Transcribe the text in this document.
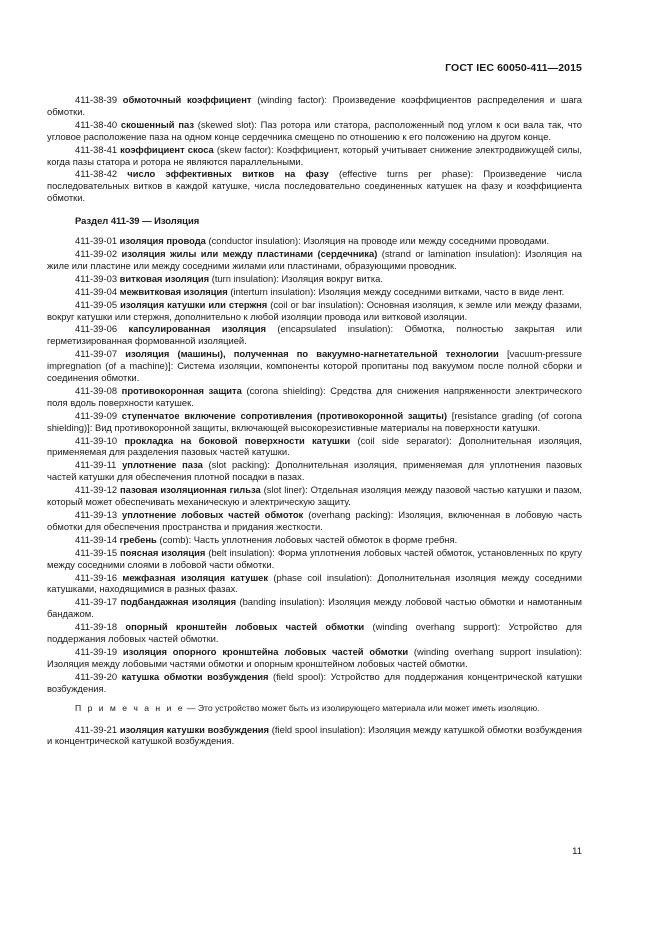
ГОСТ IEC 60050-411—2015
411-38-39 обмоточный коэффициент (winding factor): Произведение коэффициентов распределения и шага обмотки.
411-38-40 скошенный паз (skewed slot): Паз ротора или статора, расположенный под углом к оси вала так, что угловое расположение паза на одном конце сердечника смещено по отношению к его положению на другом конце.
411-38-41 коэффициент скоса (skew factor): Коэффициент, который учитывает снижение электродвижущей силы, когда пазы статора и ротора не являются параллельными.
411-38-42 число эффективных витков на фазу (effective turns per phase): Произведение числа последовательных витков в каждой катушке, числа последовательно соединенных катушек на фазу и коэффициента обмотки.
Раздел 411-39 — Изоляция
411-39-01 изоляция провода (conductor insulation): Изоляция на проводе или между соседними проводами.
411-39-02 изоляция жилы или между пластинами (сердечника) (strand or lamination insulation): Изоляция на жиле или пластине или между соседними жилами или пластинами, образующими проводник.
411-39-03 витковая изоляция (turn insulation): Изоляция вокруг витка.
411-39-04 межвитковая изоляция (interturn insulation): Изоляция между соседними витками, часто в виде лент.
411-39-05 изоляция катушки или стержня (coil or bar insulation): Основная изоляция, к земле или между фазами, вокруг катушки или стержня, дополнительно к любой изоляции провода или витковой изоляции.
411-39-06 капсулированная изоляция (encapsulated insulation): Обмотка, полностью закрытая или герметизированная формованной изоляцией.
411-39-07 изоляция (машины), полученная по вакуумно-нагнетательной технологии [vacuum-pressure impregnation (of a machine)]: Система изоляции, компоненты которой пропитаны под вакуумом после полной сборки и соединения обмотки.
411-39-08 противокоронная защита (corona shielding): Средства для снижения напряженности электрического поля вдоль поверхности катушек.
411-39-09 ступенчатое включение сопротивления (противокоронной защиты) [resistance grading (of corona shielding)]: Вид противокоронной защиты, включающей высокорезистивные материалы на поверхности катушки.
411-39-10 прокладка на боковой поверхности катушки (coil side separator): Дополнительная изоляция, применяемая для разделения пазовых частей катушки.
411-39-11 уплотнение паза (slot packing): Дополнительная изоляция, применяемая для уплотнения пазовых частей катушки для обеспечения плотной посадки в пазах.
411-39-12 пазовая изоляционная гильза (slot liner): Отдельная изоляция между пазовой частью катушки и пазом, который может обеспечивать механическую и электрическую защиту.
411-39-13 уплотнение лобовых частей обмоток (overhang packing): Изоляция, включенная в лобовую часть обмотки для обеспечения пространства и придания жесткости.
411-39-14 гребень (comb): Часть уплотнения лобовых частей обмоток в форме гребня.
411-39-15 поясная изоляция (belt insulation): Форма уплотнения лобовых частей обмоток, установленных по кругу между соседними слоями в лобовой части обмотки.
411-39-16 межфазная изоляция катушек (phase coil insulation): Дополнительная изоляция между соседними катушками, находящимися в разных фазах.
411-39-17 подбандажная изоляция (banding insulation): Изоляция между лобовой частью обмотки и намотанным бандажом.
411-39-18 опорный кронштейн лобовых частей обмотки (winding overhang support): Устройство для поддержания лобовых частей обмотки.
411-39-19 изоляция опорного кронштейна лобовых частей обмотки (winding overhang support insulation): Изоляция между лобовыми частями обмотки и опорным кронштейном лобовых частей обмотки.
411-39-20 катушка обмотки возбуждения (field spool): Устройство для поддержания концентрической катушки возбуждения.
П р и м е ч а н и е — Это устройство может быть из изолирующего материала или может иметь изоляцию.
411-39-21 изоляция катушки возбуждения (field spool insulation): Изоляция между катушкой обмотки возбуждения и концентрической катушкой возбуждения.
11
